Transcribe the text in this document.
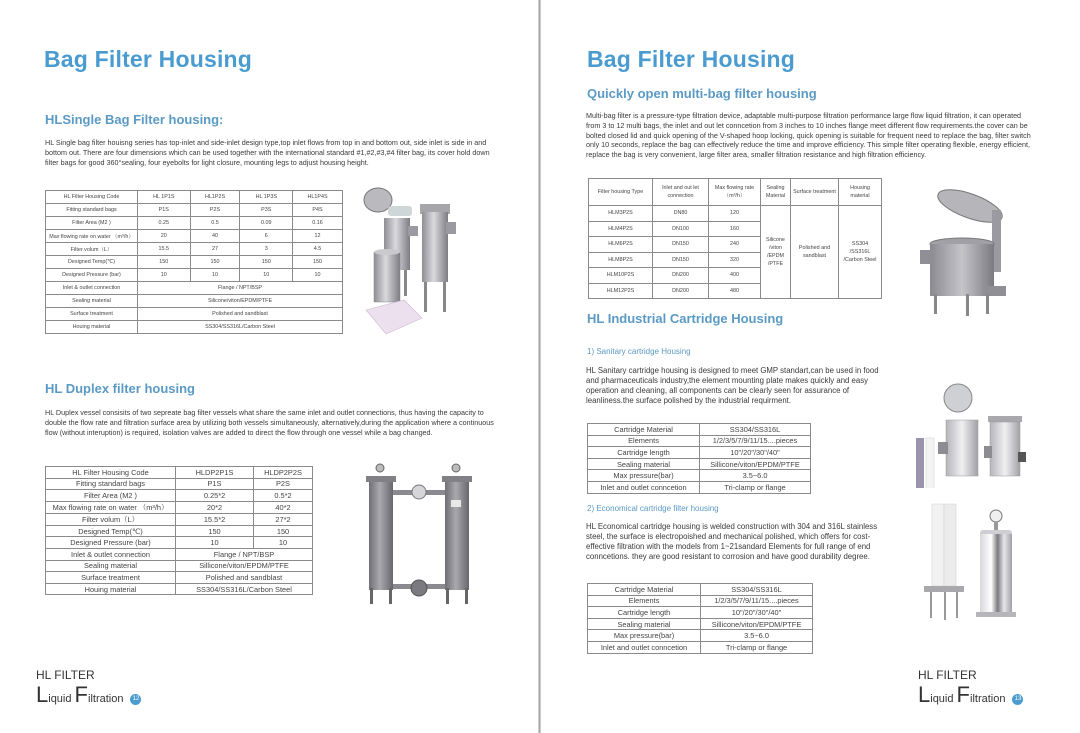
Bag Filter Housing
HLSingle Bag Filter housing:
HL Single bag filter houisng series has top-inlet and side-inlet design type,top inlet flows from top in and bottom out, side inlet is side in and bottom out. There are four dimensions which can be used together with the international standard #1,#2,#3,#4 filter bag, its cover hold down filter bags for good 360°sealing, four eyebolts for light closure, mounting legs to adjust housing height.
HL Filter Housing Code	HL 1P1S	HL1P2S	HL 1P3S	HL1P4S
Fitting standard bags	P1S	P2S	P3S	P4S
Filter Area (M2 )	0.25	0.5	0.09	0.16
Max flowing rate on water （m³/h）	20	40	6	12
Filter volum（L）	15.5	27	3	4.5
Designed Temp(℃)	150	150	150	150
Designed Pressure (bar)	10	10	10	10
Inlet & outlet connection	Flange / NPT/BSP			
Sealing material	Silicone/viton/EPDM/PTFE			
Surface treatment	Polished and sandblast			
Houing material	SS304/SS316L/Carbon Steel			
HL Duplex filter housing
HL Duplex vessel consisits of two sepreate bag filter vessels what share the same inlet and outlet connections, thus having the capacity to double the flow rate and filtration surface area by utilizing both vessels simultaneously, alternatively,during the application where a continuous flow (without interuption) is required, isolation valves are added to direct the flow through one vessel while a bag changed.
HL Filter Housing Code	HLDP2P1S	HLDP2P2S
Fitting standard bags	P1S	P2S
Filter Area (M2 )	0.25*2	0.5*2
Max flowing rate on water （m³/h）	20*2	40*2
Filter volum（L）	15.5*2	27*2
Designed Temp(℃)	150	150
Designed Pressure (bar)	10	10
Inlet & outlet connection	Flange / NPT/BSP	
Sealing material	Sillicone/viton/EPDM/PTFE	
Surface treatment	Polished and sandblast	
Houing material	SS304/SS316L/Carbon Steel	
HL FILTER
Liquid Filtration 12
Bag Filter Housing
Quickly open multi-bag filter housing
Multi-bag filter is a pressure-type filtration device, adaptable multi-purpose filtration performance large flow liquid filtration, it can operated from 3 to 12 multi bags, the inlet and out let conncetion from 3 inches to 10 inches flange meet different flow requirements.the cover can be bolted closed lid and quick opening of the V-shaped hoop locking, quick opening is suitable for frequent need to replace the bag, filter switch only 10 seconds, replace the bag can effectively reduce the time and improve efficiency. This simple filter operating flexible, energy efficient, replace the bag is very convenient, large filter area, smaller filtration resistance and high filtration efficiency.
Filter housing Type	Inlet and out let connection	Max flowing rate （m³/h）	Sealing Material	Surface treatment	Housing material
HLM3P2S	DN80	120	Silicone /viton /EPDM /PTFE	Polished and sandblast	SS304 /SS316L /Carbon Steel
HLM4P2S	DN100	160			
HLM6P2S	DN150	240			
HLM8P2S	DN150	320			
HLM10P2S	DN200	400			
HLM12P2S	DN200	480			
HL Industrial Cartridge Housing
1) Sanitary cartridge Housing
HL Sanitary cartridge housing is designed to meet GMP standart,can be used in food and pharmaceuticals industry,the element mounting plate makes quickly and easy operation and cleaning, all components can be clearly seen for assurance of leanliness.the surface polished by the industrial requirment.
Cartridge Material	SS304/SS316L
Elements	1/2/3/5/7/9/11/15....pieces
Cartridge length	10"/20"/30"/40"
Sealing material	Sillicone/viton/EPDM/PTFE
Max pressure(bar)	3.5~6.0
Inlet and outlet conncetion	Tri-clamp or flange
2) Economical cartridge filter housing
HL Economical cartridge housing is welded construction with 304 and 316L stainless steel, the surface is electropoished and mechanical polished, which offers for cost-effective filtration with the models from 1~21sandard Elements for full range of end conncetions. they are good resistant to corrosion and have good durability degree.
Cartridge Material	SS304/SS316L
Elements	1/2/3/5/7/9/11/15....pieces
Cartridge length	10"/20"/30"/40"
Sealing material	Sillicone/viton/EPDM/PTFE
Max pressure(bar)	3.5~6.0
Inlet and outlet conncetion	Tri-clamp or flange
HL FILTER
Liquid Filtration 13
